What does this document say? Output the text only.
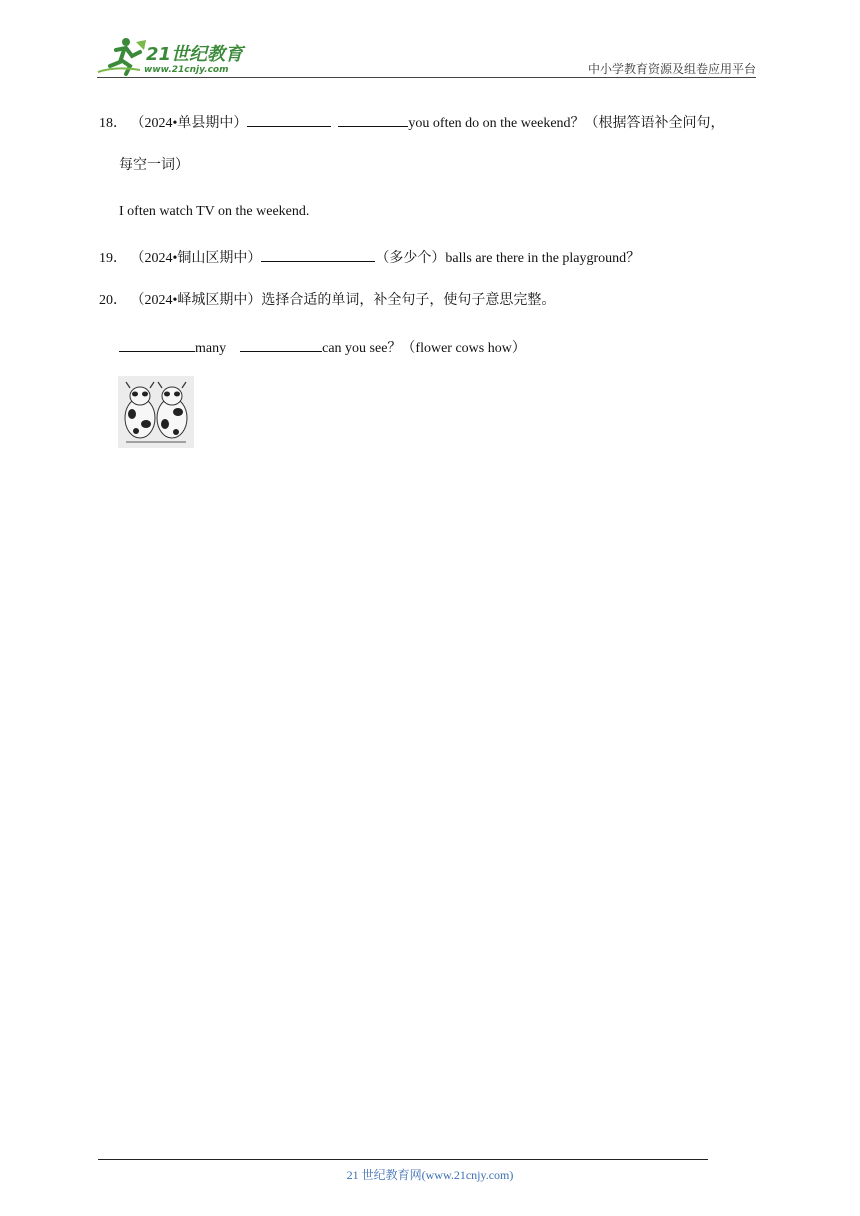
21世纪教育
www.21cnjy.com	中小学教育资源及组卷应用平台
18． （2024•单县期中）	you often do on the weekend？（根据答语补全问句，
每空一词）
I often watch TV on the weekend.
19． （2024•铜山区期中）	（多少个）balls are there in the playground？
20． （2024•峄城区期中）选择合适的单词，补全句子，使句子意思完整。
many	can you see？（flower cows how）
21 世纪教育网(www.21cnjy.com)
